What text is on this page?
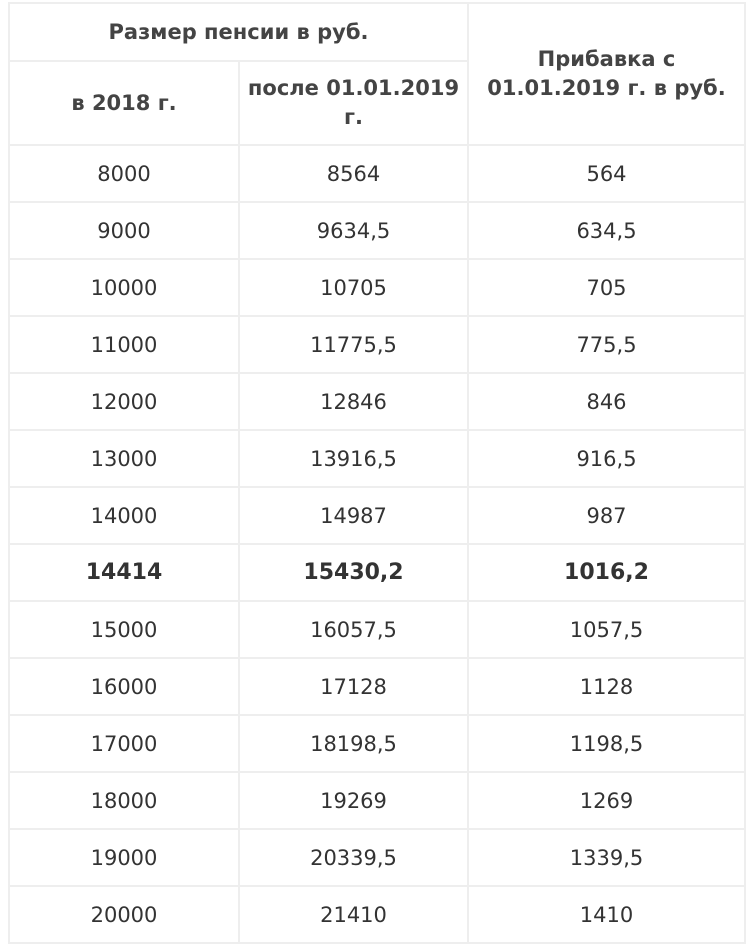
Размер пенсии в руб.		Прибавка с 01.01.2019 г. в руб.
в 2018 г.	после 01.01.2019 г.	
8000	8564	564
9000	9634,5	634,5
10000	10705	705
11000	11775,5	775,5
12000	12846	846
13000	13916,5	916,5
14000	14987	987
14414	15430,2	1016,2
15000	16057,5	1057,5
16000	17128	1128
17000	18198,5	1198,5
18000	19269	1269
19000	20339,5	1339,5
20000	21410	1410
